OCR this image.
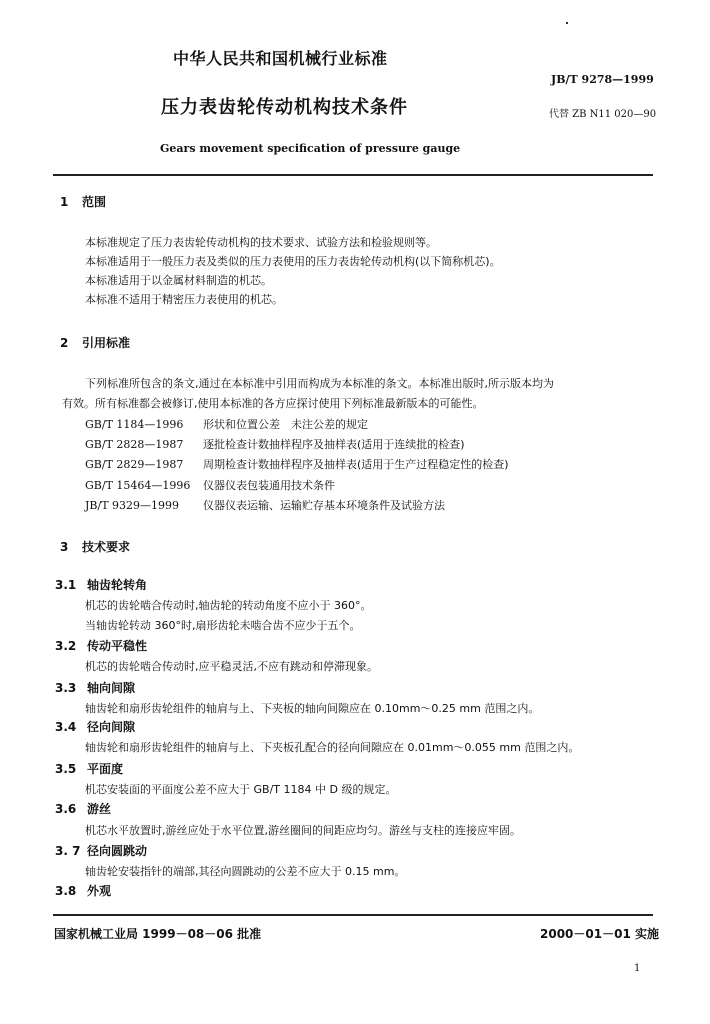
中华人民共和国机械行业标准
JB/T 9278—1999
压力表齿轮传动机构技术条件	代替 ZB N11 020—90
Gears movement specification of pressure gauge
1 范围
本标准规定了压力表齿轮传动机构的技术要求、试验方法和检验规则等。
本标准适用于一般压力表及类似的压力表使用的压力表齿轮传动机构(以下简称机芯)。
本标准适用于以金属材料制造的机芯。
本标准不适用于精密压力表使用的机芯。
2 引用标准
下列标准所包含的条文,通过在本标准中引用而构成为本标准的条文。本标准出版时,所示版本均为
有效。所有标准都会被修订,使用本标准的各方应探讨使用下列标准最新版本的可能性。
GB/T 1184—1996 形状和位置公差　未注公差的规定
GB/T 2828—1987 逐批检查计数抽样程序及抽样表(适用于连续批的检查)
GB/T 2829—1987 周期检查计数抽样程序及抽样表(适用于生产过程稳定性的检查)
GB/T 15464—1996 仪器仪表包装通用技术条件
JB/T 9329—1999 仪器仪表运输、运输贮存基本环境条件及试验方法
3 技术要求
3.1 轴齿轮转角
机芯的齿轮啮合传动时,轴齿轮的转动角度不应小于 360°。
当轴齿轮转动 360°时,扇形齿轮未啮合齿不应少于五个。
3.2 传动平稳性
机芯的齿轮啮合传动时,应平稳灵活,不应有跳动和停滞现象。
3.3 轴向间隙
轴齿轮和扇形齿轮组件的轴肩与上、下夹板的轴向间隙应在 0.10mm～0.25 mm 范围之内。
3.4 径向间隙
轴齿轮和扇形齿轮组件的轴肩与上、下夹板孔配合的径向间隙应在 0.01mm～0.055 mm 范围之内。
3.5 平面度
机芯安装面的平面度公差不应大于 GB/T 1184 中 D 级的规定。
3.6 游丝
机芯水平放置时,游丝应处于水平位置,游丝圈间的间距应均匀。游丝与支柱的连接应牢固。
3. 7 径向圆跳动
轴齿轮安装指针的端部,其径向圆跳动的公差不应大于 0.15 mm。
3.8 外观
国家机械工业局 1999－08－06 批准	2000－01－01 实施
1
